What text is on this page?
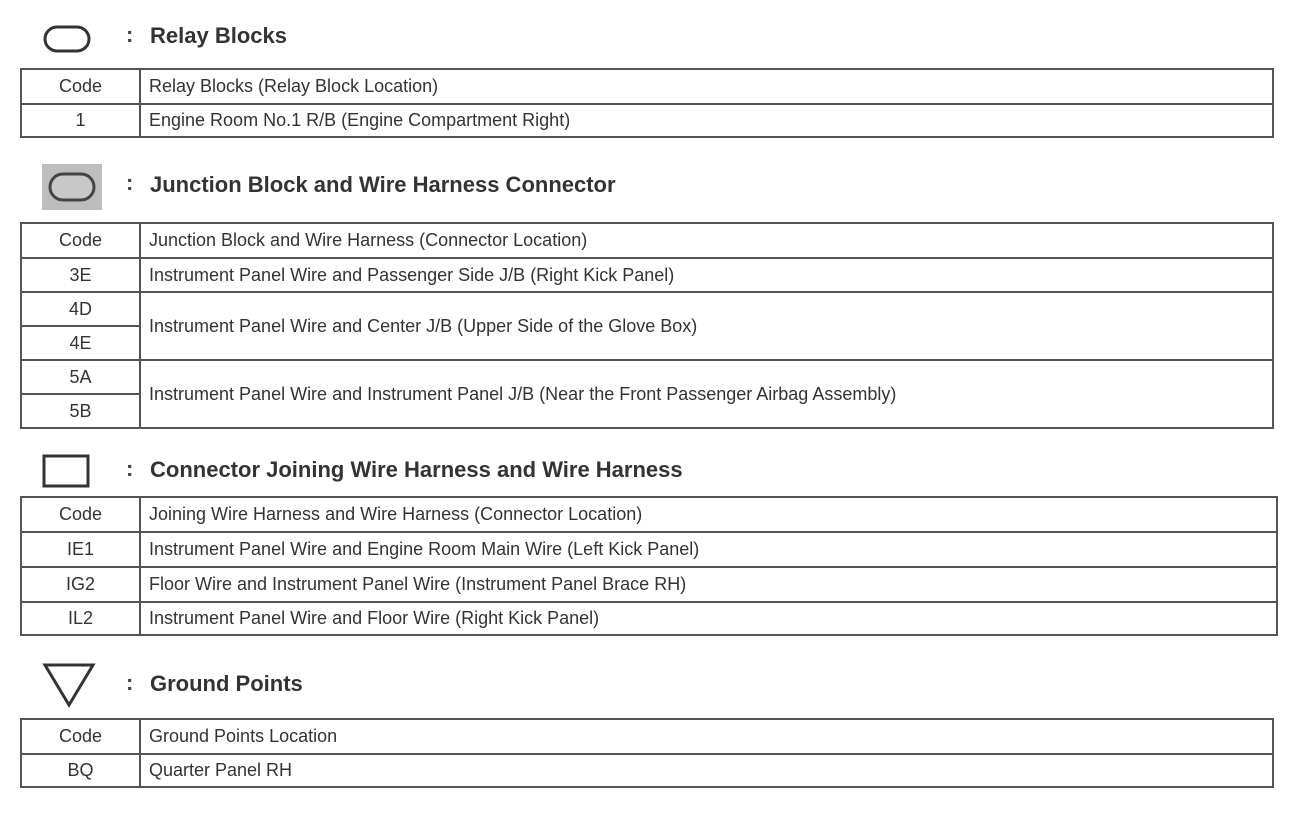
: Relay Blocks
Code	Relay Blocks (Relay Block Location)
1	Engine Room No.1 R/B (Engine Compartment Right)
: Junction Block and Wire Harness Connector
Code	Junction Block and Wire Harness (Connector Location)
3E	Instrument Panel Wire and Passenger Side J/B (Right Kick Panel)
4D	Instrument Panel Wire and Center J/B (Upper Side of the Glove Box)
4E	
5A	Instrument Panel Wire and Instrument Panel J/B (Near the Front Passenger Airbag Assembly)
5B	
: Connector Joining Wire Harness and Wire Harness
Code	Joining Wire Harness and Wire Harness (Connector Location)
IE1	Instrument Panel Wire and Engine Room Main Wire (Left Kick Panel)
IG2	Floor Wire and Instrument Panel Wire (Instrument Panel Brace RH)
IL2	Instrument Panel Wire and Floor Wire (Right Kick Panel)
: Ground Points
Code	Ground Points Location
BQ	Quarter Panel RH
